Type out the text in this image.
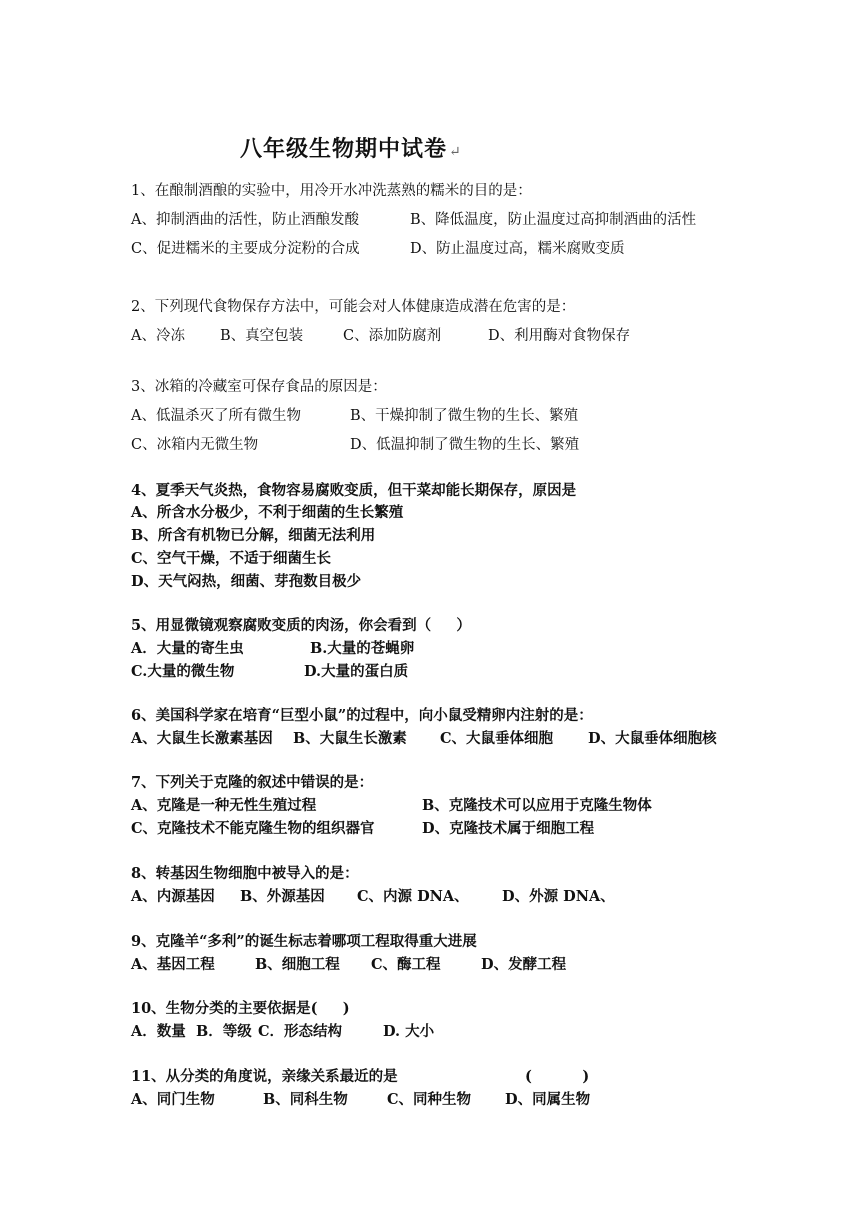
八年级生物期中试卷 ↵
1、在酿制酒酿的实验中，用冷开水冲洗蒸熟的糯米的目的是：
A、抑制酒曲的活性，防止酒酿发酸	B、降低温度，防止温度过高抑制酒曲的活性
C、促进糯米的主要成分淀粉的合成	D、防止温度过高，糯米腐败变质
2、下列现代食物保存方法中，可能会对人体健康造成潜在危害的是：
A、冷冻 B、真空包装	C、添加防腐剂	D、利用酶对食物保存
3、冰箱的冷藏室可保存食品的原因是：
A、低温杀灭了所有微生物	B、干燥抑制了微生物的生长、繁殖
C、冰箱内无微生物	D、低温抑制了微生物的生长、繁殖
4、夏季天气炎热，食物容易腐败变质，但干菜却能长期保存，原因是
A、所含水分极少，不利于细菌的生长繁殖
B、所含有机物已分解，细菌无法利用
C、空气干燥，不适于细菌生长
D、天气闷热，细菌、芽孢数目极少
5、用显微镜观察腐败变质的肉汤，你会看到（     ）
A．大量的寄生虫	B.大量的苍蝇卵
C.大量的微生物	D.大量的蛋白质
6、美国科学家在培育“巨型小鼠”的过程中，向小鼠受精卵内注射的是：
A、大鼠生长激素基因 B、大鼠生长激素 C、大鼠垂体细胞 D、大鼠垂体细胞核
7、下列关于克隆的叙述中错误的是：
A、克隆是一种无性生殖过程	B、克隆技术可以应用于克隆生物体
C、克隆技术不能克隆生物的组织器官	D、克隆技术属于细胞工程
8、转基因生物细胞中被导入的是：
A、内源基因 B、外源基因 C、内源 DNA、 D、外源 DNA、
9、克隆羊“多利”的诞生标志着哪项工程取得重大进展
A、基因工程	B、细胞工程 C、酶工程	D、发酵工程
10、生物分类的主要依据是(     )
A．数量 B．等级 C．形态结构	D. 大小
11、从分类的角度说，亲缘关系最近的是	(          )
A、同门生物	B、同科生物	C、同种生物 D、同属生物
